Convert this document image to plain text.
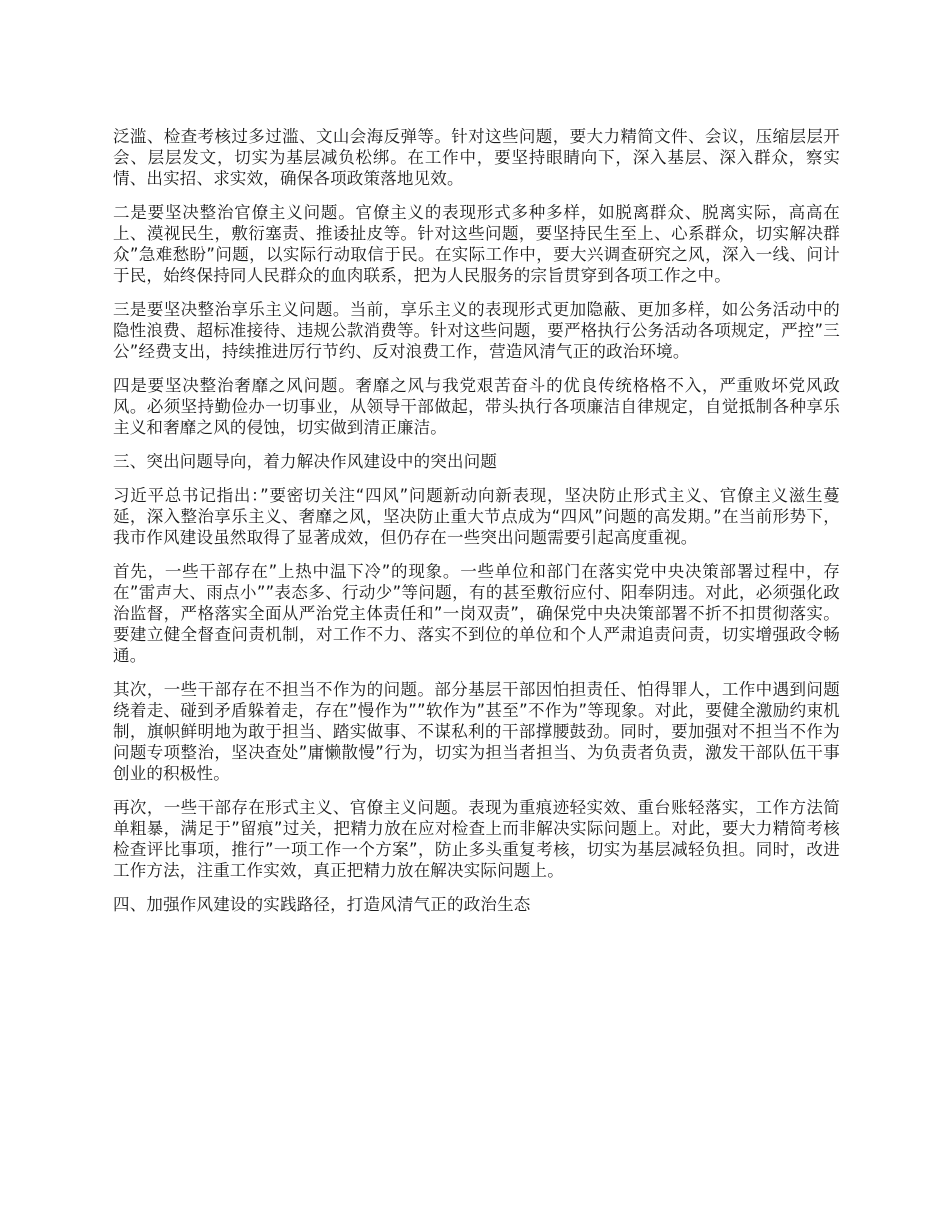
泛滥、检查考核过多过滥、文山会海反弹等。针对这些问题，要大力精简文件、会议，压缩层层开会、层层发文，切实为基层减负松绑。在工作中，要坚持眼睛向下，深入基层、深入群众，察实情、出实招、求实效，确保各项政策落地见效。

二是要坚决整治官僚主义问题。官僚主义的表现形式多种多样，如脱离群众、脱离实际，高高在上、漠视民生，敷衍塞责、推诿扯皮等。针对这些问题，要坚持民生至上、心系群众，切实解决群众”急难愁盼”问题，以实际行动取信于民。在实际工作中，要大兴调查研究之风，深入一线、问计于民，始终保持同人民群众的血肉联系，把为人民服务的宗旨贯穿到各项工作之中。

三是要坚决整治享乐主义问题。当前，享乐主义的表现形式更加隐蔽、更加多样，如公务活动中的隐性浪费、超标准接待、违规公款消费等。针对这些问题，要严格执行公务活动各项规定，严控”三公”经费支出，持续推进厉行节约、反对浪费工作，营造风清气正的政治环境。

四是要坚决整治奢靡之风问题。奢靡之风与我党艰苦奋斗的优良传统格格不入，严重败坏党风政风。必须坚持勤俭办一切事业，从领导干部做起，带头执行各项廉洁自律规定，自觉抵制各种享乐主义和奢靡之风的侵蚀，切实做到清正廉洁。

三、突出问题导向，着力解决作风建设中的突出问题

习近平总书记指出：”要密切关注“四风”问题新动向新表现，坚决防止形式主义、官僚主义滋生蔓延，深入整治享乐主义、奢靡之风，坚决防止重大节点成为“四风”问题的高发期。”在当前形势下，我市作风建设虽然取得了显著成效，但仍存在一些突出问题需要引起高度重视。

首先，一些干部存在”上热中温下冷”的现象。一些单位和部门在落实党中央决策部署过程中，存在”雷声大、雨点小””表态多、行动少”等问题，有的甚至敷衍应付、阳奉阴违。对此，必须强化政治监督，严格落实全面从严治党主体责任和”一岗双责”，确保党中央决策部署不折不扣贯彻落实。要建立健全督查问责机制，对工作不力、落实不到位的单位和个人严肃追责问责，切实增强政令畅通。

其次，一些干部存在不担当不作为的问题。部分基层干部因怕担责任、怕得罪人，工作中遇到问题绕着走、碰到矛盾躲着走，存在”慢作为””软作为”甚至”不作为”等现象。对此，要健全激励约束机制，旗帜鲜明地为敢于担当、踏实做事、不谋私利的干部撑腰鼓劲。同时，要加强对不担当不作为问题专项整治，坚决查处”庸懒散慢”行为，切实为担当者担当、为负责者负责，激发干部队伍干事创业的积极性。

再次，一些干部存在形式主义、官僚主义问题。表现为重痕迹轻实效、重台账轻落实，工作方法简单粗暴，满足于”留痕”过关，把精力放在应对检查上而非解决实际问题上。对此，要大力精简考核检查评比事项，推行”一项工作一个方案”，防止多头重复考核，切实为基层减轻负担。同时，改进工作方法，注重工作实效，真正把精力放在解决实际问题上。

四、加强作风建设的实践路径，打造风清气正的政治生态
